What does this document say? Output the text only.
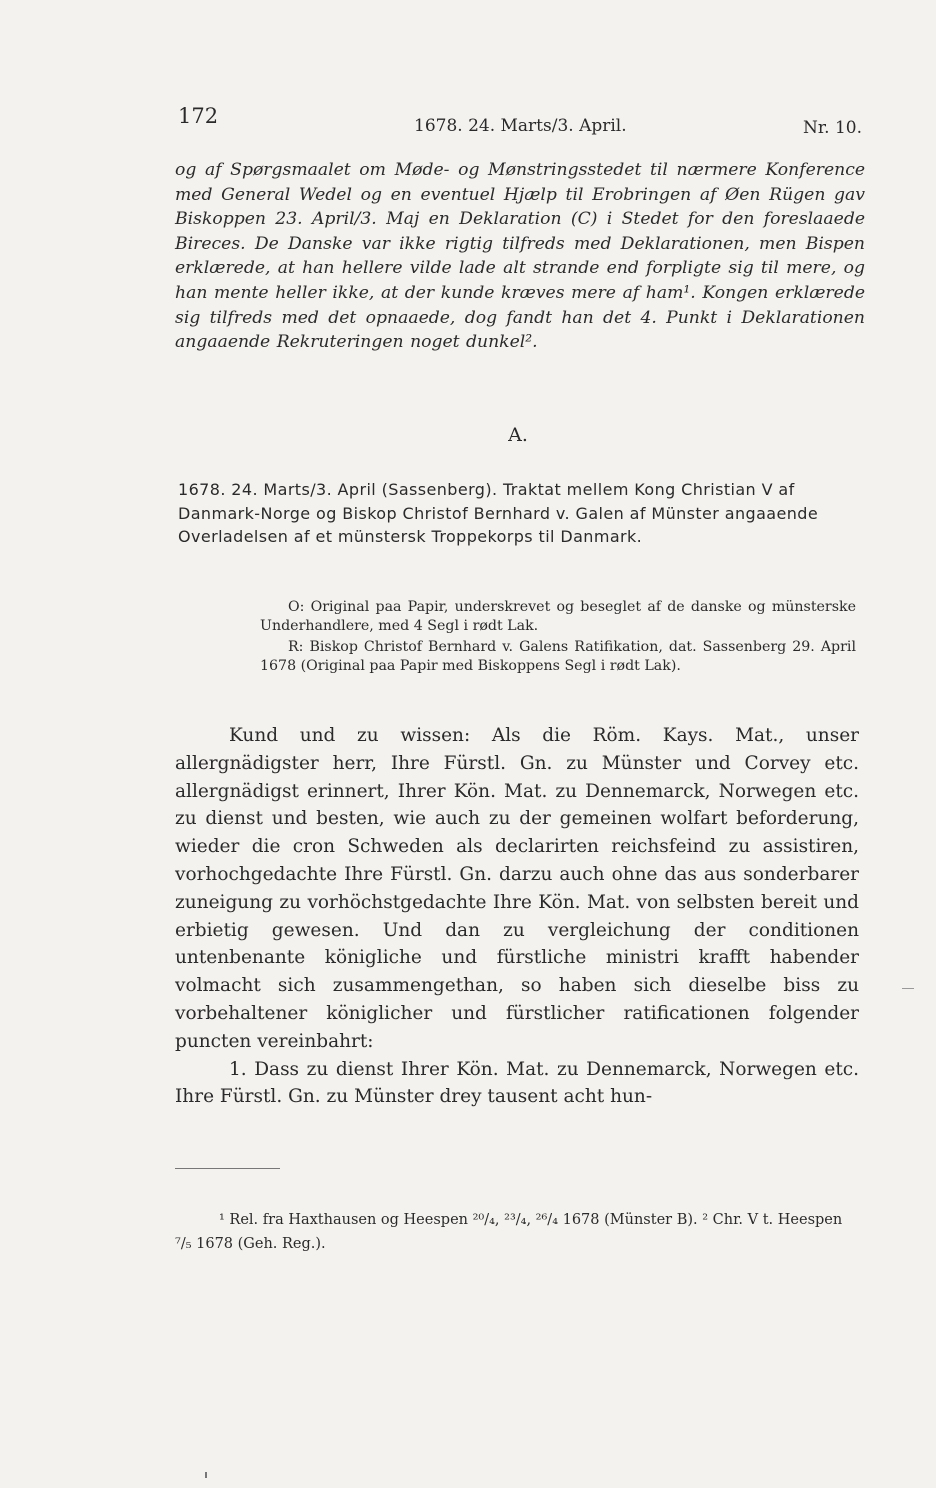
172	1678. 24. Marts/3. April.	Nr. 10.

og af Spørgsmaalet om Møde- og Mønstringsstedet til nærmere Konference med General Wedel og en eventuel Hjælp til Erobringen af Øen Rügen gav Biskoppen 23. April/3. Maj en Deklaration (C) i Stedet for den foreslaaede Bireces. De Danske var ikke rigtig tilfreds med Deklarationen, men Bispen erklærede, at han hellere vilde lade alt strande end forpligte sig til mere, og han mente heller ikke, at der kunde kræves mere af ham¹. Kongen erklærede sig tilfreds med det opnaaede, dog fandt han det 4. Punkt i Deklarationen angaaende Rekruteringen noget dunkel².

A.

1678. 24. Marts/3. April (Sassenberg). Traktat mellem Kong Christian V af Danmark-Norge og Biskop Christof Bernhard v. Galen af Münster angaaende Overladelsen af et münstersk Troppekorps til Danmark.

O: Original paa Papir, underskrevet og beseglet af de danske og münsterske Underhandlere, med 4 Segl i rødt Lak.

R: Biskop Christof Bernhard v. Galens Ratifikation, dat. Sassenberg 29. April 1678 (Original paa Papir med Biskoppens Segl i rødt Lak).

Kund und zu wissen: Als die Röm. Kays. Mat., unser allergnädigster herr, Ihre Fürstl. Gn. zu Münster und Corvey etc. allergnädigst erinnert, Ihrer Kön. Mat. zu Dennemarck, Norwegen etc. zu dienst und besten, wie auch zu der gemeinen wolfart beforderung, wieder die cron Schweden als declarirten reichsfeind zu assistiren, vorhochgedachte Ihre Fürstl. Gn. darzu auch ohne das aus sonderbarer zuneigung zu vorhöchstgedachte Ihre Kön. Mat. von selbsten bereit und erbietig gewesen. Und dan zu vergleichung der conditionen untenbenante königliche und fürstliche ministri krafft habender volmacht sich zusammengethan, so haben sich dieselbe biss zu vorbehaltener königlicher und fürstlicher ratificationen folgender puncten vereinbahrt:

1. Dass zu dienst Ihrer Kön. Mat. zu Dennemarck, Norwegen etc. Ihre Fürstl. Gn. zu Münster drey tausent acht hun-

¹ Rel. fra Haxthausen og Heespen ²⁰/₄, ²³/₄, ²⁶/₄ 1678 (Münster B). ² Chr. V t. Heespen ⁷/₅ 1678 (Geh. Reg.).
